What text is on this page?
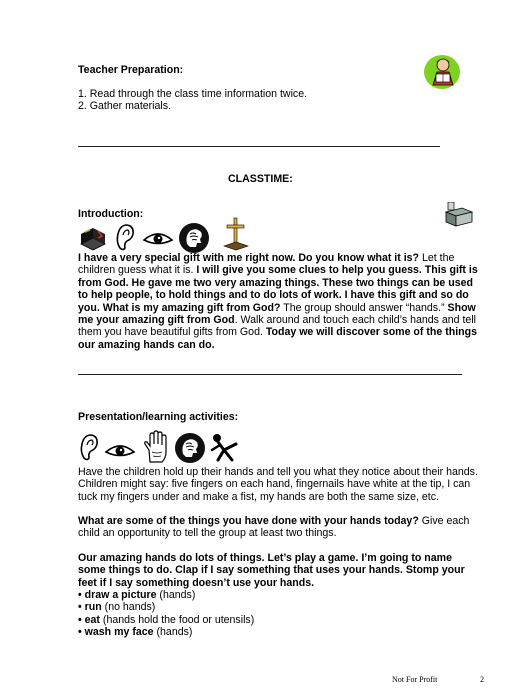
Teacher Preparation:

1. Read through the class time information twice.

2. Gather materials.

CLASSTIME:

Introduction:

I have a very special gift with me right now. Do you know what it is? Let the children guess what it is. I will give you some clues to help you guess. This gift is from God. He gave me two very amazing things. These two things can be used to help people, to hold things and to do lots of work. I have this gift and so do you. What is my amazing gift from God? The group should answer “hands.” Show me your amazing gift from God. Walk around and touch each child’s hands and tell them you have beautiful gifts from God. Today we will discover some of the things our amazing hands can do.

Presentation/learning activities:

Have the children hold up their hands and tell you what they notice about their hands. Children might say: five fingers on each hand, fingernails have white at the tip, I can tuck my fingers under and make a fist, my hands are both the same size, etc.

What are some of the things you have done with your hands today? Give each child an opportunity to tell the group at least two things.

Our amazing hands do lots of things. Let’s play a game. I’m going to name some things to do. Clap if I say something that uses your hands. Stomp your feet if I say something doesn’t use your hands.

• draw a picture (hands)
• run (no hands)
• eat (hands hold the food or utensils)
• wash my face (hands)
Not For Profit	2
